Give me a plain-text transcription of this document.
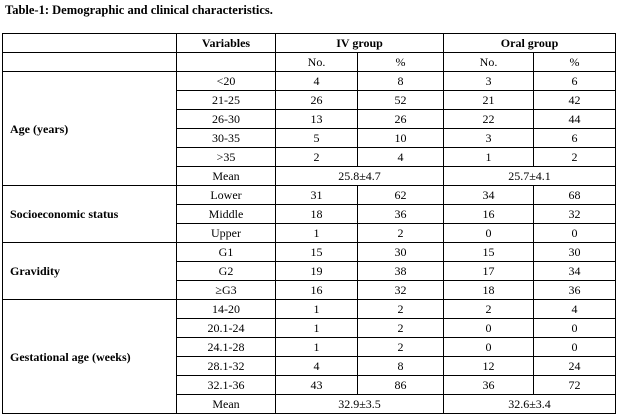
Table-1: Demographic and clinical characteristics.
	Variables	IV group		Oral group	
		No.	%	No.	%
Age (years)	<20	4	8	3	6
	21-25	26	52	21	42
	26-30	13	26	22	44
	30-35	5	10	3	6
	>35	2	4	1	2
	Mean	25.8±4.7		25.7±4.1	
Socioeconomic status	Lower	31	62	34	68
	Middle	18	36	16	32
	Upper	1	2	0	0
Gravidity	G1	15	30	15	30
	G2	19	38	17	34
	≥G3	16	32	18	36
Gestational age (weeks)	14-20	1	2	2	4
	20.1-24	1	2	0	0
	24.1-28	1	2	0	0
	28.1-32	4	8	12	24
	32.1-36	43	86	36	72
	Mean	32.9±3.5		32.6±3.4	
